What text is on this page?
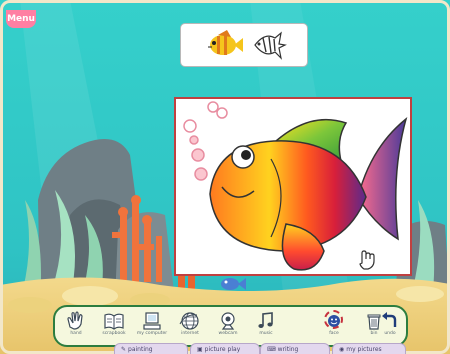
Menu
hand	scrapbook	my computer	internet	webcam	music	face	bin	undo
✎ painting	▣ picture play	⌨ writing	◉ my pictures
